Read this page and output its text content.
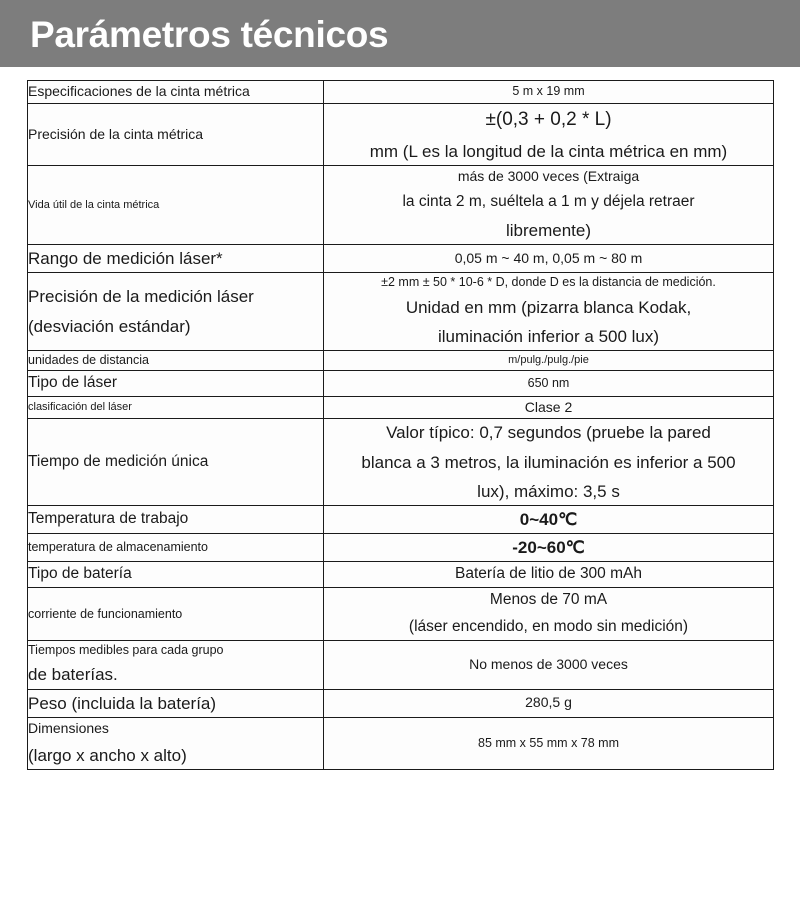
Parámetros técnicos
Especificaciones de la cinta métrica	5 m x 19 mm

Precisión de la cinta métrica	±(0,3 + 0,2 * L)
mm (L es la longitud de la cinta métrica en mm)

Vida útil de la cinta métrica	más de 3000 veces (Extraiga
la cinta 2 m, suéltela a 1 m y déjela retraer
libremente)

Rango de medición láser*	0,05 m ~ 40 m, 0,05 m ~ 80 m

Precisión de la medición láser
(desviación estándar)	±2 mm ± 50 * 10-6 * D, donde D es la distancia de medición.
Unidad en mm (pizarra blanca Kodak,
iluminación inferior a 500 lux)

unidades de distancia	m/pulg./pulg./pie

Tipo de láser	650 nm

clasificación del láser	Clase 2

Tiempo de medición única	Valor típico: 0,7 segundos (pruebe la pared
blanca a 3 metros, la iluminación es inferior a 500
lux), máximo: 3,5 s

Temperatura de trabajo	0~40℃

temperatura de almacenamiento	-20~60℃

Tipo de batería	Batería de litio de 300 mAh

corriente de funcionamiento	Menos de 70 mA
(láser encendido, en modo sin medición)

Tiempos medibles para cada grupo
de baterías.	No menos de 3000 veces

Peso (incluida la batería)	280,5 g

Dimensiones
(largo x ancho x alto)	85 mm x 55 mm x 78 mm
